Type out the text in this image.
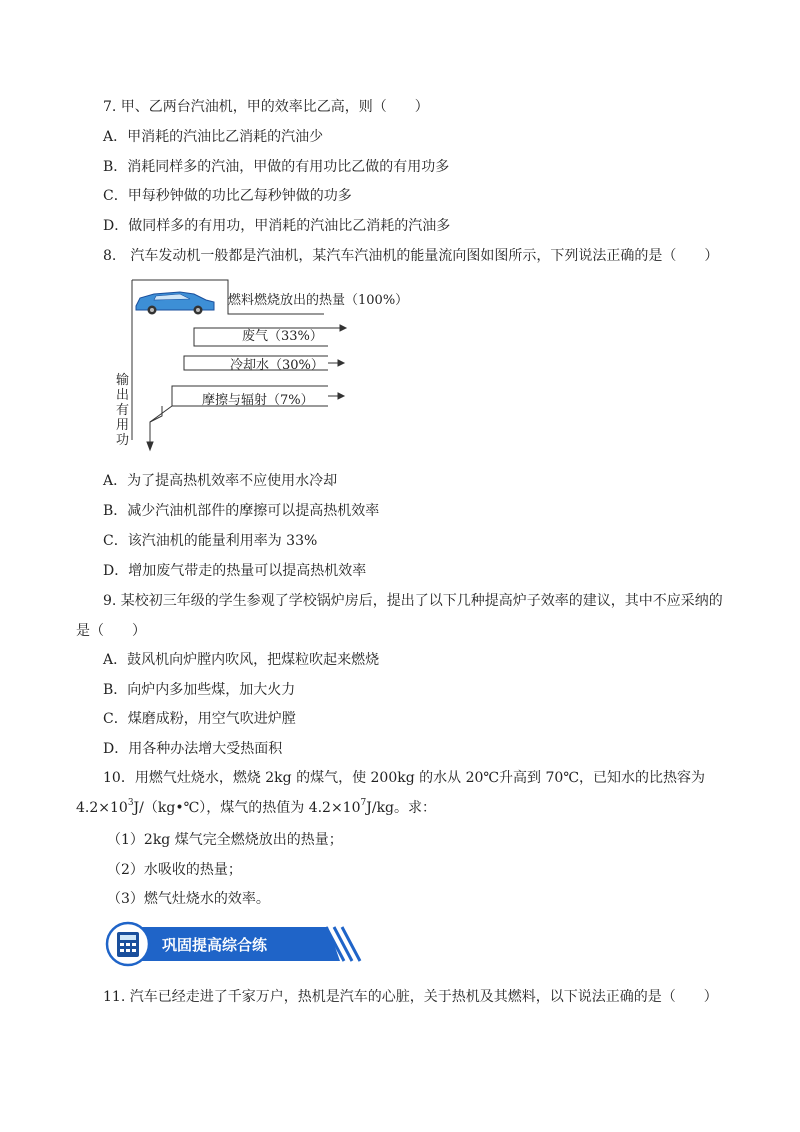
7. 甲、乙两台汽油机，甲的效率比乙高，则（　　）
A．甲消耗的汽油比乙消耗的汽油少
B．消耗同样多的汽油，甲做的有用功比乙做的有用功多
C．甲每秒钟做的功比乙每秒钟做的功多
D．做同样多的有用功，甲消耗的汽油比乙消耗的汽油多
8.　汽车发动机一般都是汽油机，某汽车汽油机的能量流向图如图所示，下列说法正确的是（　　）
燃料燃烧放出的热量（100%）
废气（33%）
冷却水（30%）
摩擦与辐射（7%）
输
出
有
用
功
A．为了提高热机效率不应使用水冷却
B．减少汽油机部件的摩擦可以提高热机效率
C．该汽油机的能量利用率为 33%
D．增加废气带走的热量可以提高热机效率
9. 某校初三年级的学生参观了学校锅炉房后，提出了以下几种提高炉子效率的建议，其中不应采纳的
是（　　）
A．鼓风机向炉膛内吹风，把煤粒吹起来燃烧
B．向炉内多加些煤，加大火力
C．煤磨成粉，用空气吹进炉膛
D．用各种办法增大受热面积
10．用燃气灶烧水，燃烧 2kg 的煤气，使 200kg 的水从 20℃升高到 70℃，已知水的比热容为
$4.2\times 10^3J/(kg•℃)$，煤气的热值为 $4.2\times 10^7J/kg$。求：
（1）2kg 煤气完全燃烧放出的热量；
（2）水吸收的热量；
（3）燃气灶烧水的效率。
巩固提高综合练
11. 汽车已经走进了千家万户，热机是汽车的心脏，关于热机及其燃料，以下说法正确的是（　　）
